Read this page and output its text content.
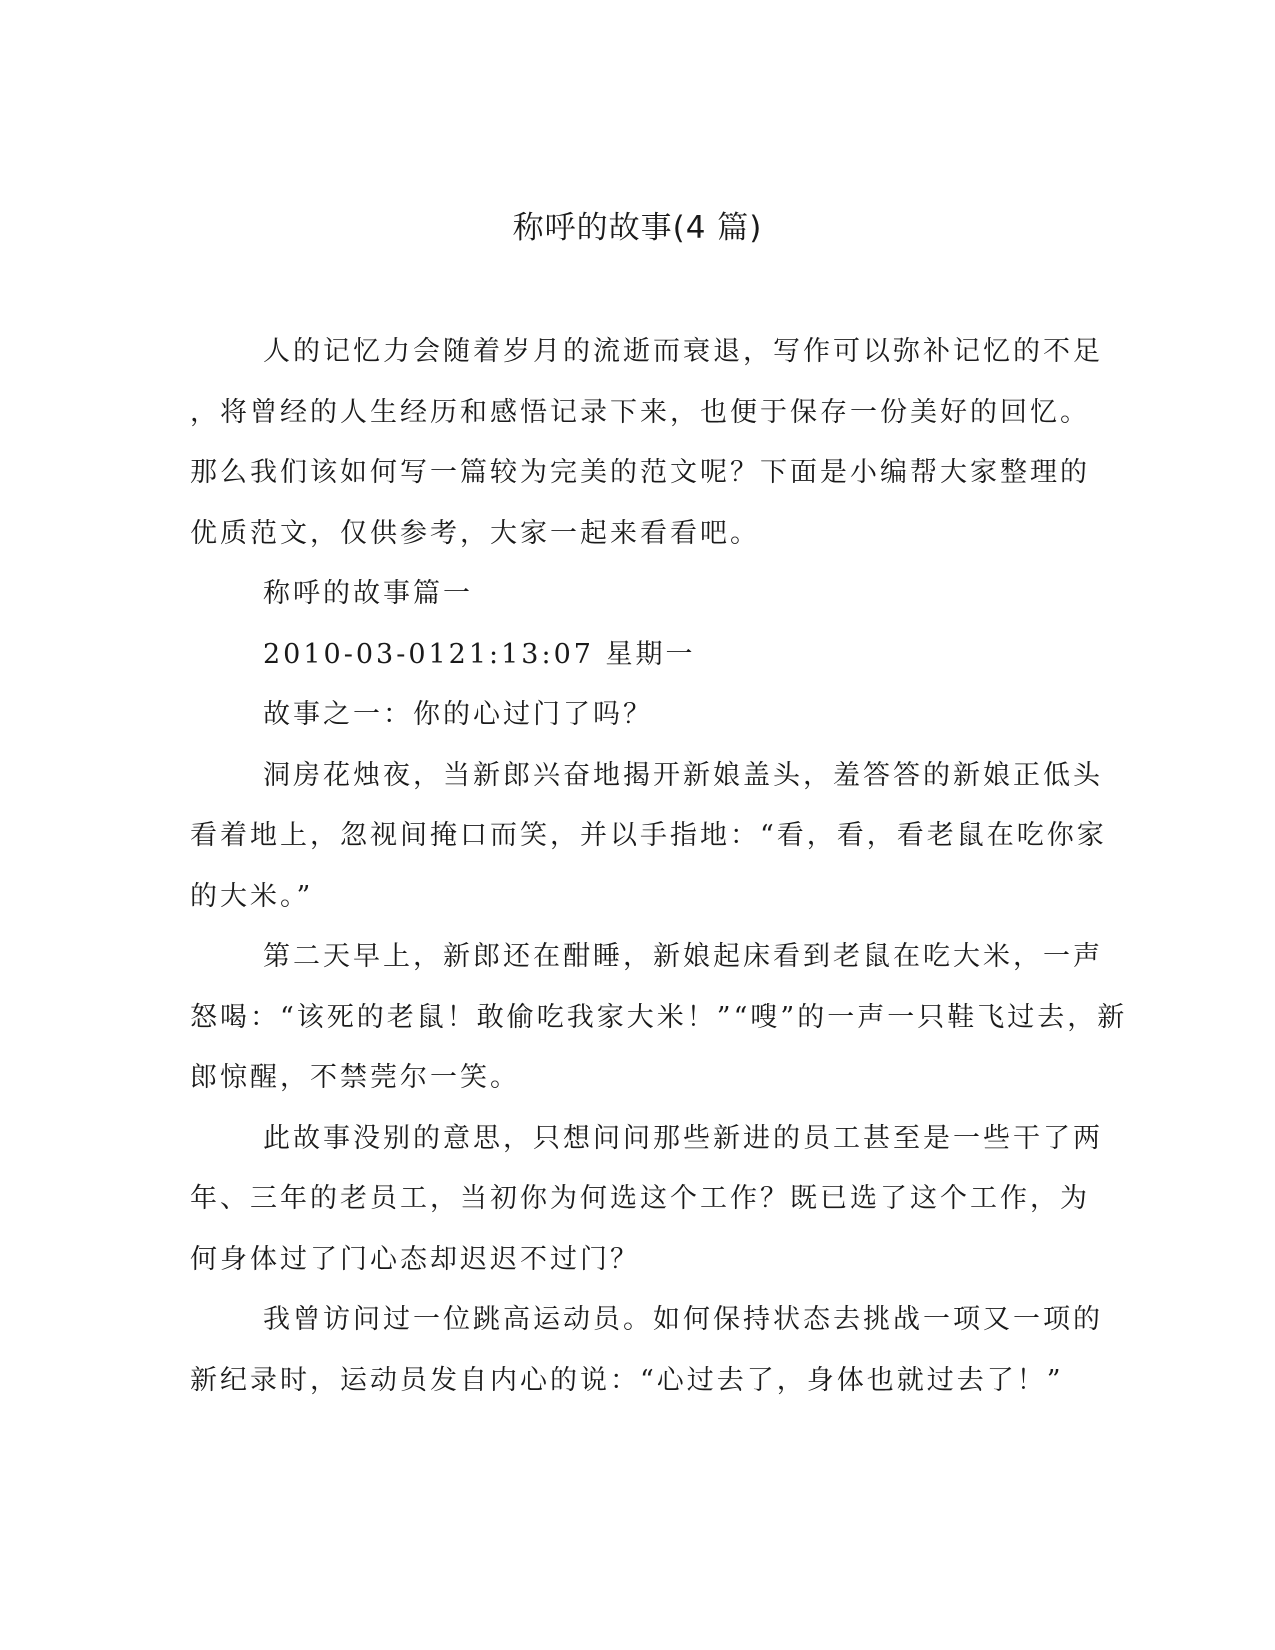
称呼的故事(4 篇)
人的记忆力会随着岁月的流逝而衰退，写作可以弥补记忆的不足
，将曾经的人生经历和感悟记录下来，也便于保存一份美好的回忆。
那么我们该如何写一篇较为完美的范文呢？下面是小编帮大家整理的
优质范文，仅供参考，大家一起来看看吧。
称呼的故事篇一
2010-03-0121:13:07 星期一
故事之一：你的心过门了吗？
洞房花烛夜，当新郎兴奋地揭开新娘盖头，羞答答的新娘正低头
看着地上，忽视间掩口而笑，并以手指地：“看，看，看老鼠在吃你家
的大米。”
第二天早上，新郎还在酣睡，新娘起床看到老鼠在吃大米，一声
怒喝：“该死的老鼠！敢偷吃我家大米！”“嗖”的一声一只鞋飞过去，新
郎惊醒，不禁莞尔一笑。
此故事没别的意思，只想问问那些新进的员工甚至是一些干了两
年、三年的老员工，当初你为何选这个工作？既已选了这个工作，为
何身体过了门心态却迟迟不过门？
我曾访问过一位跳高运动员。如何保持状态去挑战一项又一项的
新纪录时，运动员发自内心的说：“心过去了，身体也就过去了！”
